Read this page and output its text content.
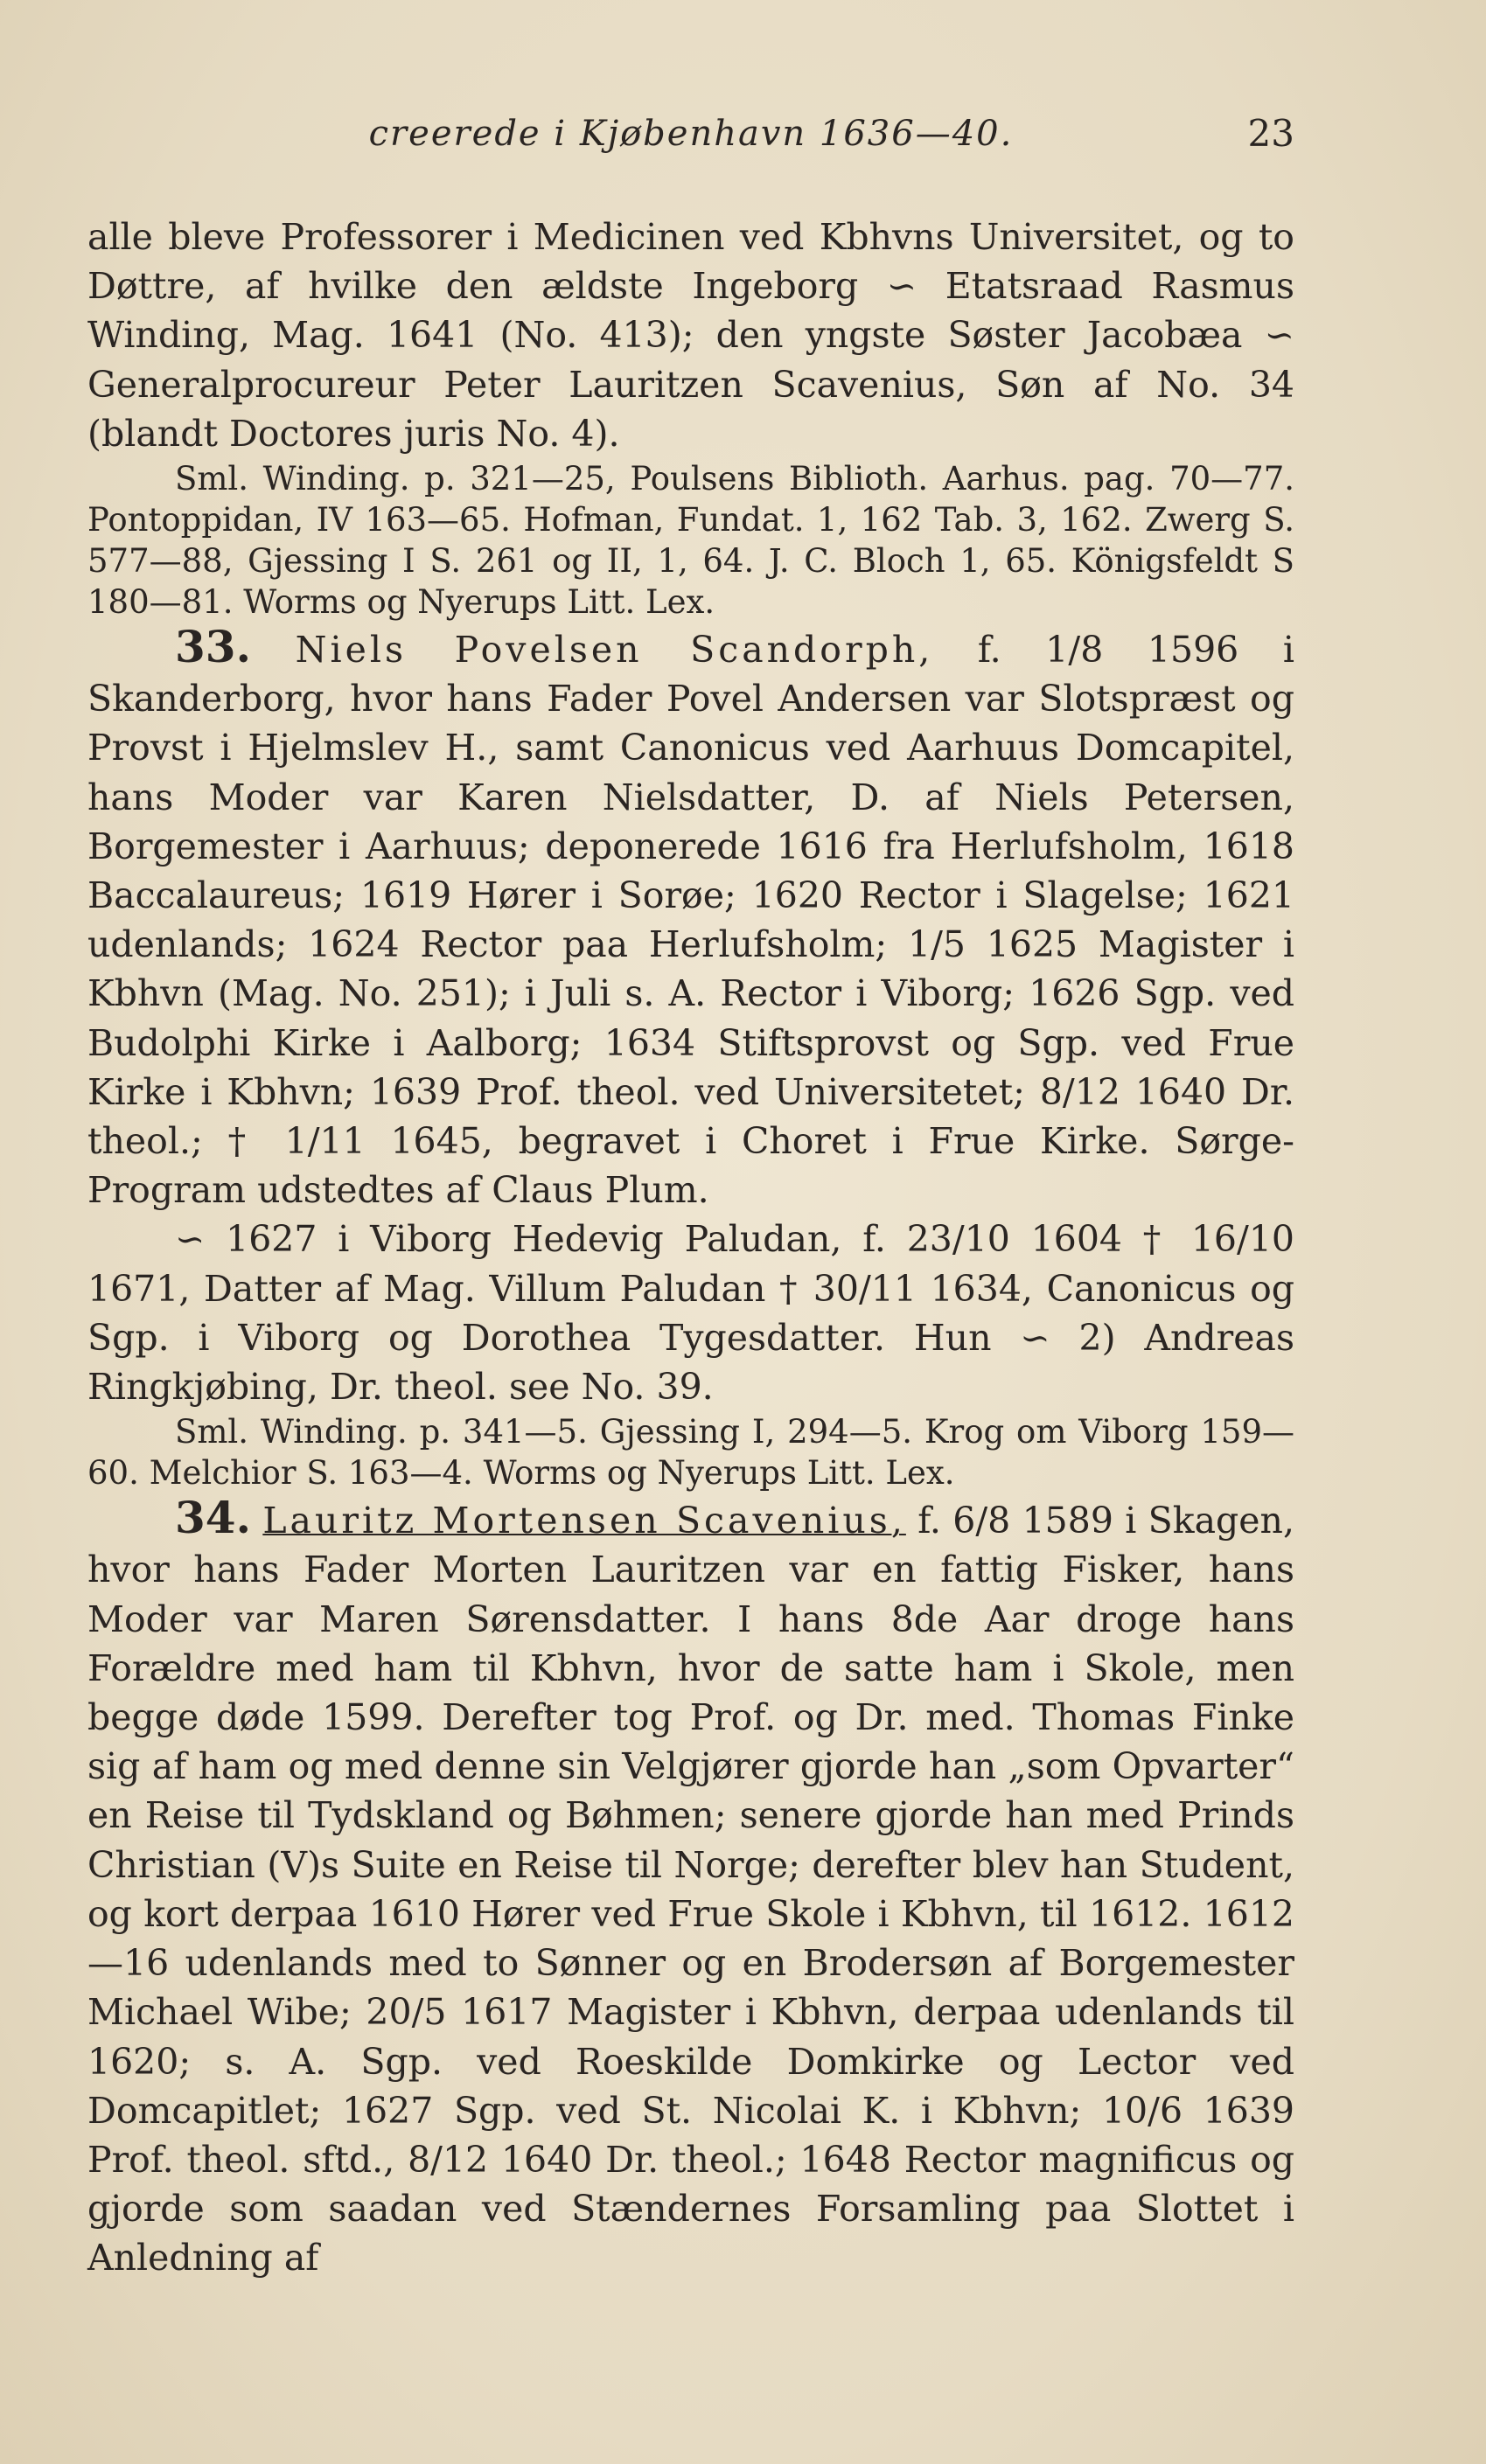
creerede i Kjøbenhavn 1636—40.	23

alle bleve Professorer i Medicinen ved Kbhvns Universitet, og to Døttre, af hvilke den ældste Ingeborg ∽ Etatsraad Rasmus Winding, Mag. 1641 (No. 413); den yngste Søster Jacobæa ∽ Generalprocureur Peter Lauritzen Scavenius, Søn af No. 34 (blandt Doctores juris No. 4).

Sml. Winding. p. 321—25, Poulsens Biblioth. Aarhus. pag. 70—77. Pontoppidan, IV 163—65. Hofman, Fundat. 1, 162 Tab. 3, 162. Zwerg S. 577—88, Gjessing I S. 261 og II, 1, 64. J. C. Bloch 1, 65. Königsfeldt S 180—81. Worms og Nyerups Litt. Lex.

33. Niels Povelsen Scandorph, f. 1/8 1596 i Skanderborg, hvor hans Fader Povel Andersen var Slotspræst og Provst i Hjelmslev H., samt Canonicus ved Aarhuus Domcapitel, hans Moder var Karen Nielsdatter, D. af Niels Petersen, Borgemester i Aarhuus; deponerede 1616 fra Herlufsholm, 1618 Baccalaureus; 1619 Hører i Sorøe; 1620 Rector i Slagelse; 1621 udenlands; 1624 Rector paa Herlufsholm; 1/5 1625 Magister i Kbhvn (Mag. No. 251); i Juli s. A. Rector i Viborg; 1626 Sgp. ved Budolphi Kirke i Aalborg; 1634 Stiftsprovst og Sgp. ved Frue Kirke i Kbhvn; 1639 Prof. theol. ved Universitetet; 8/12 1640 Dr. theol.; † 1/11 1645, begravet i Choret i Frue Kirke. Sørge-Program udstedtes af Claus Plum.

∽ 1627 i Viborg Hedevig Paludan, f. 23/10 1604 † 16/10 1671, Datter af Mag. Villum Paludan † 30/11 1634, Canonicus og Sgp. i Viborg og Dorothea Tygesdatter. Hun ∽ 2) Andreas Ringkjøbing, Dr. theol. see No. 39.

Sml. Winding. p. 341—5. Gjessing I, 294—5. Krog om Viborg 159—60. Melchior S. 163—4. Worms og Nyerups Litt. Lex.

34. Lauritz Mortensen Scavenius, f. 6/8 1589 i Skagen, hvor hans Fader Morten Lauritzen var en fattig Fisker, hans Moder var Maren Sørensdatter. I hans 8de Aar droge hans Forældre med ham til Kbhvn, hvor de satte ham i Skole, men begge døde 1599. Derefter tog Prof. og Dr. med. Thomas Finke sig af ham og med denne sin Velgjører gjorde han „som Opvarter“ en Reise til Tydskland og Bøhmen; senere gjorde han med Prinds Christian (V)s Suite en Reise til Norge; derefter blev han Student, og kort derpaa 1610 Hører ved Frue Skole i Kbhvn, til 1612. 1612—16 udenlands med to Sønner og en Brodersøn af Borgemester Michael Wibe; 20/5 1617 Magister i Kbhvn, derpaa udenlands til 1620; s. A. Sgp. ved Roeskilde Domkirke og Lector ved Domcapitlet; 1627 Sgp. ved St. Nicolai K. i Kbhvn; 10/6 1639 Prof. theol. sftd., 8/12 1640 Dr. theol.; 1648 Rector magnificus og gjorde som saadan ved Stændernes Forsamling paa Slottet i Anledning af
